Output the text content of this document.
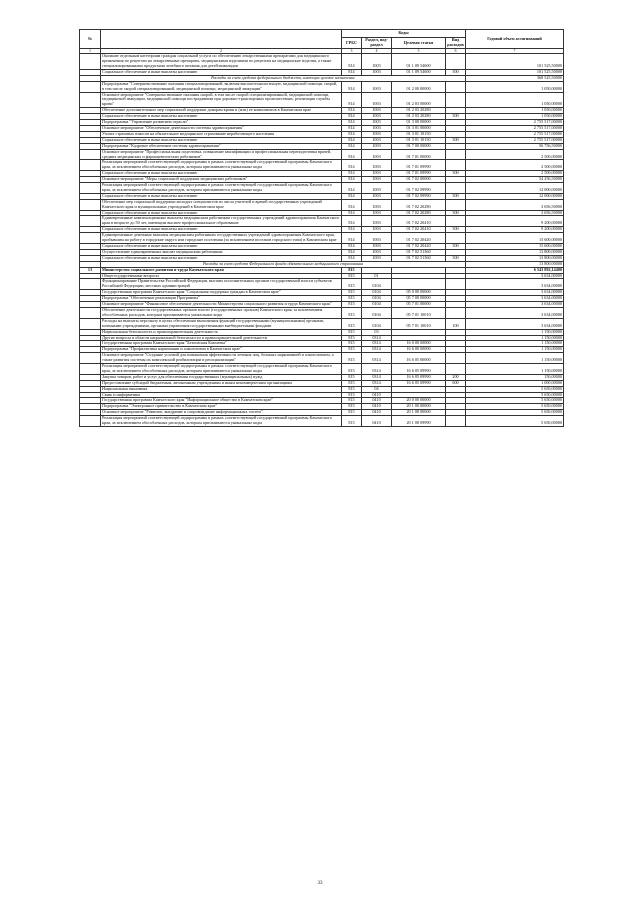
№		Коды				Годовой объем ассигнований
		ГРБС	Раздел, под-раздел	Целевая статья	Вид расходов	
1	2	3	4	5	6	7
	Оказание отдельным категориям граждан социальной услуги по обеспечению лекарственными препаратами для медицинского применения по рецептам на лекарственные препараты, медицинскими изделиями по рецептам на медицинские изделия, а также специализированными продуктами лечебного питания для детей-инвалидов	814	1003	01 1 09 54600		101 525,50000
	Социальное обеспечение и иные выплаты населению	814	1003	01 1 09 54600	300	101 525,50000
	Расходы за счет средств федерального бюджета, имеющих целевое назначение					368 525,50000
	Подпрограмма "Совершенствование оказания специализированной, включая высокотехнологичную, медицинской помощи, скорой, в том числе скорой специализированной, медицинской помощи, медицинской эвакуации"	814	1003	01 2 00 00000		1 050,00000
	Основное мероприятие "Совершенствование оказания скорой, в том числе скорой специализированной, медицинской помощи, медицинской эвакуации, медицинской помощи пострадавшим при дорожно-транспортных происшествиях, реализация службы крови"	814	1003	01 2 03 00000		1 050,00000
	Обеспечение дополнительных мер социальной поддержки донорам крови и (или) ее компонентов в Камчатском крае	814	1003	01 2 03 20280		1 050,00000
	Социальное обеспечение и иные выплаты населению	814	1003	01 2 03 20280	300	1 050,00000
	Подпрограмма "Управление развитием отрасли"	814	1003	01 3 00 00000		2 755 517,00000
	Основное мероприятие "Обеспечение деятельности системы здравоохранения"	814	1003	01 3 01 00000		2 755 517,00000
	Уплата страховых взносов на обязательное медицинское страхование неработающего населения	814	1003	01 3 01 10150		2 755 517,00000
	Социальное обеспечение и иные выплаты населению	814	1003	01 3 01 10150	300	2 755 517,00000
	Подпрограмма "Кадровое обеспечение системы здравоохранения"	814	1003	01 7 00 00000		56 756,50000
	Основное мероприятие "Профессиональная подготовка, повышение квалификации и профессиональная переподготовка врачей, средних медицинских и фармацевтических работников"	814	1003	01 7 01 00000		2 500,00000
	Реализация мероприятий соответствующей подпрограммы в рамках соответствующей государственной программы Камчатского края, за исключением обособленных расходов, которым присваиваются уникальные коды	814	1003	01 7 01 09990		2 500,00000
	Социальное обеспечение и иные выплаты населению	814	1003	01 7 01 09990	300	2 500,00000
	Основное мероприятие "Меры социальной поддержки медицинских работников"	814	1003	01 7 02 00000		54 256,50000
	Реализация мероприятий соответствующей подпрограммы в рамках соответствующей государственной программы Камчатского края, за исключением обособленных расходов, которым присваиваются уникальные коды	814	1003	01 7 02 09990		12 000,00000
	Социальное обеспечение и иные выплаты населению	814	1003	01 7 02 09990	300	12 000,00000
	Обеспечение мер социальной поддержки молодых специалистов из числа учителей и врачей государственных учреждений Камчатского края и муниципальных учреждений в Камчатском крае	814	1003	01 7 02 20280		3 656,50000
	Социальное обеспечение и иные выплаты населению	814	1003	01 7 02 20280	300	3 656,50000
	Единовременные компенсационные выплаты медицинским работникам государственных учреждений здравоохранения Камчатского края в возрасте до 50 лет, имеющим высшее профессиональное образование	814	1003	01 7 02 20410		9 200,00000
	Социальное обеспечение и иные выплаты населению	814	1003	01 7 02 20410	300	9 200,00000
	Единовременные денежные выплаты медицинским работникам государственных учреждений здравоохранения Камчатского края, прибывшим на работу в городские округа или городские поселения (за исключением поселков городского типа) в Камчатском крае	814	1003	01 7 02 20420		15 600,00000
	Социальное обеспечение и иные выплаты населению	814	1003	01 7 02 20420	300	15 600,00000
	Осуществление единовременных выплат медицинским работникам	814	1003	01 7 02 51360		13 800,00000
	Социальное обеспечение и иные выплаты населению	814	1003	01 7 02 51360	300	13 800,00000
	Расходы за счет средств Федерального фонда обязательного медицинского страхования					13 800,00000
13	Министерство социального развития и труда Камчатского края	815				6 543 892,14400
	Общегосударственные вопросы	815	01			3 634,00000
	Функционирование Правительства Российской Федерации, высших исполнительных органов государственной власти субъектов Российской Федерации, местных администраций	815	0104			3 634,00000
	Государственная программа Камчатского края "Социальная поддержка граждан в Камчатском крае"	815	0104	05 0 00 00000		3 634,00000
	Подпрограмма "Обеспечение реализации Программы"	815	0104	05 7 00 00000		3 634,00000
	Основное мероприятие "Финансовое обеспечение деятельности Министерства социального развития и труда Камчатского края"	815	0104	05 7 01 00000		3 634,00000
	Обеспечение деятельности государственных органов власти (государственных органов) Камчатского края, за исключением обособленных расходов, которым присваиваются уникальные коды	815	0104	05 7 01 10010		3 634,00000
	Расходы на выплаты персоналу в целях обеспечения выполнения функций государственными (муниципальными) органами, казенными учреждениями, органами управления государственными внебюджетными фондами	815	0104	05 7 01 10010	100	3 634,00000
	Национальная безопасность и правоохранительная деятельность	815	03			1 150,00000
	Другие вопросы в области национальной безопасности и правоохранительной деятельности	815	0314			1 150,00000
	Государственная программа Камчатского края "Безопасная Камчатка"	815	0314	16 0 00 00000		1 150,00000
	Подпрограмма "Профилактика наркомании и алкоголизма в Камчатском крае"	815	0314	16 6 00 00000		1 150,00000
	Основное мероприятие "Создание условий для повышения эффективности лечения лиц, больных наркоманией и алкоголизмом, а также развития системы их комплексной реабилитации и ресоциализации"	815	0314	16 6 05 00000		1 150,00000
	Реализация мероприятий соответствующей подпрограммы в рамках соответствующей государственной программы Камчатского края, за исключением обособленных расходов, которым присваиваются уникальные коды	815	0314	16 6 05 09990		1 150,00000
	Закупка товаров, работ и услуг для обеспечения государственных (муниципальных) нужд	815	0314	16 6 05 09990	200	150,00000
	Предоставление субсидий бюджетным, автономным учреждениям и иным некоммерческим организациям	815	0314	16 6 05 09990	600	1 000,00000
	Национальная экономика	815	04			5 650,00000
	Связь и информатика	815	0410			5 650,00000
	Государственная программа Камчатского края "Информационное общество в Камчатском крае"	815	0410	20 0 00 00000		5 650,00000
	Подпрограмма "Электронное правительство в Камчатском крае"	815	0410	20 1 00 00000		5 650,00000
	Основное мероприятие "Развитие, внедрение и сопровождение информационных систем"	815	0410	20 1 08 00000		5 650,00000
	Реализация мероприятий соответствующей подпрограммы в рамках соответствующей государственной программы Камчатского края, за исключением обособленных расходов, которым присваиваются уникальные коды	815	0410	20 1 08 09990		5 650,00000
33
